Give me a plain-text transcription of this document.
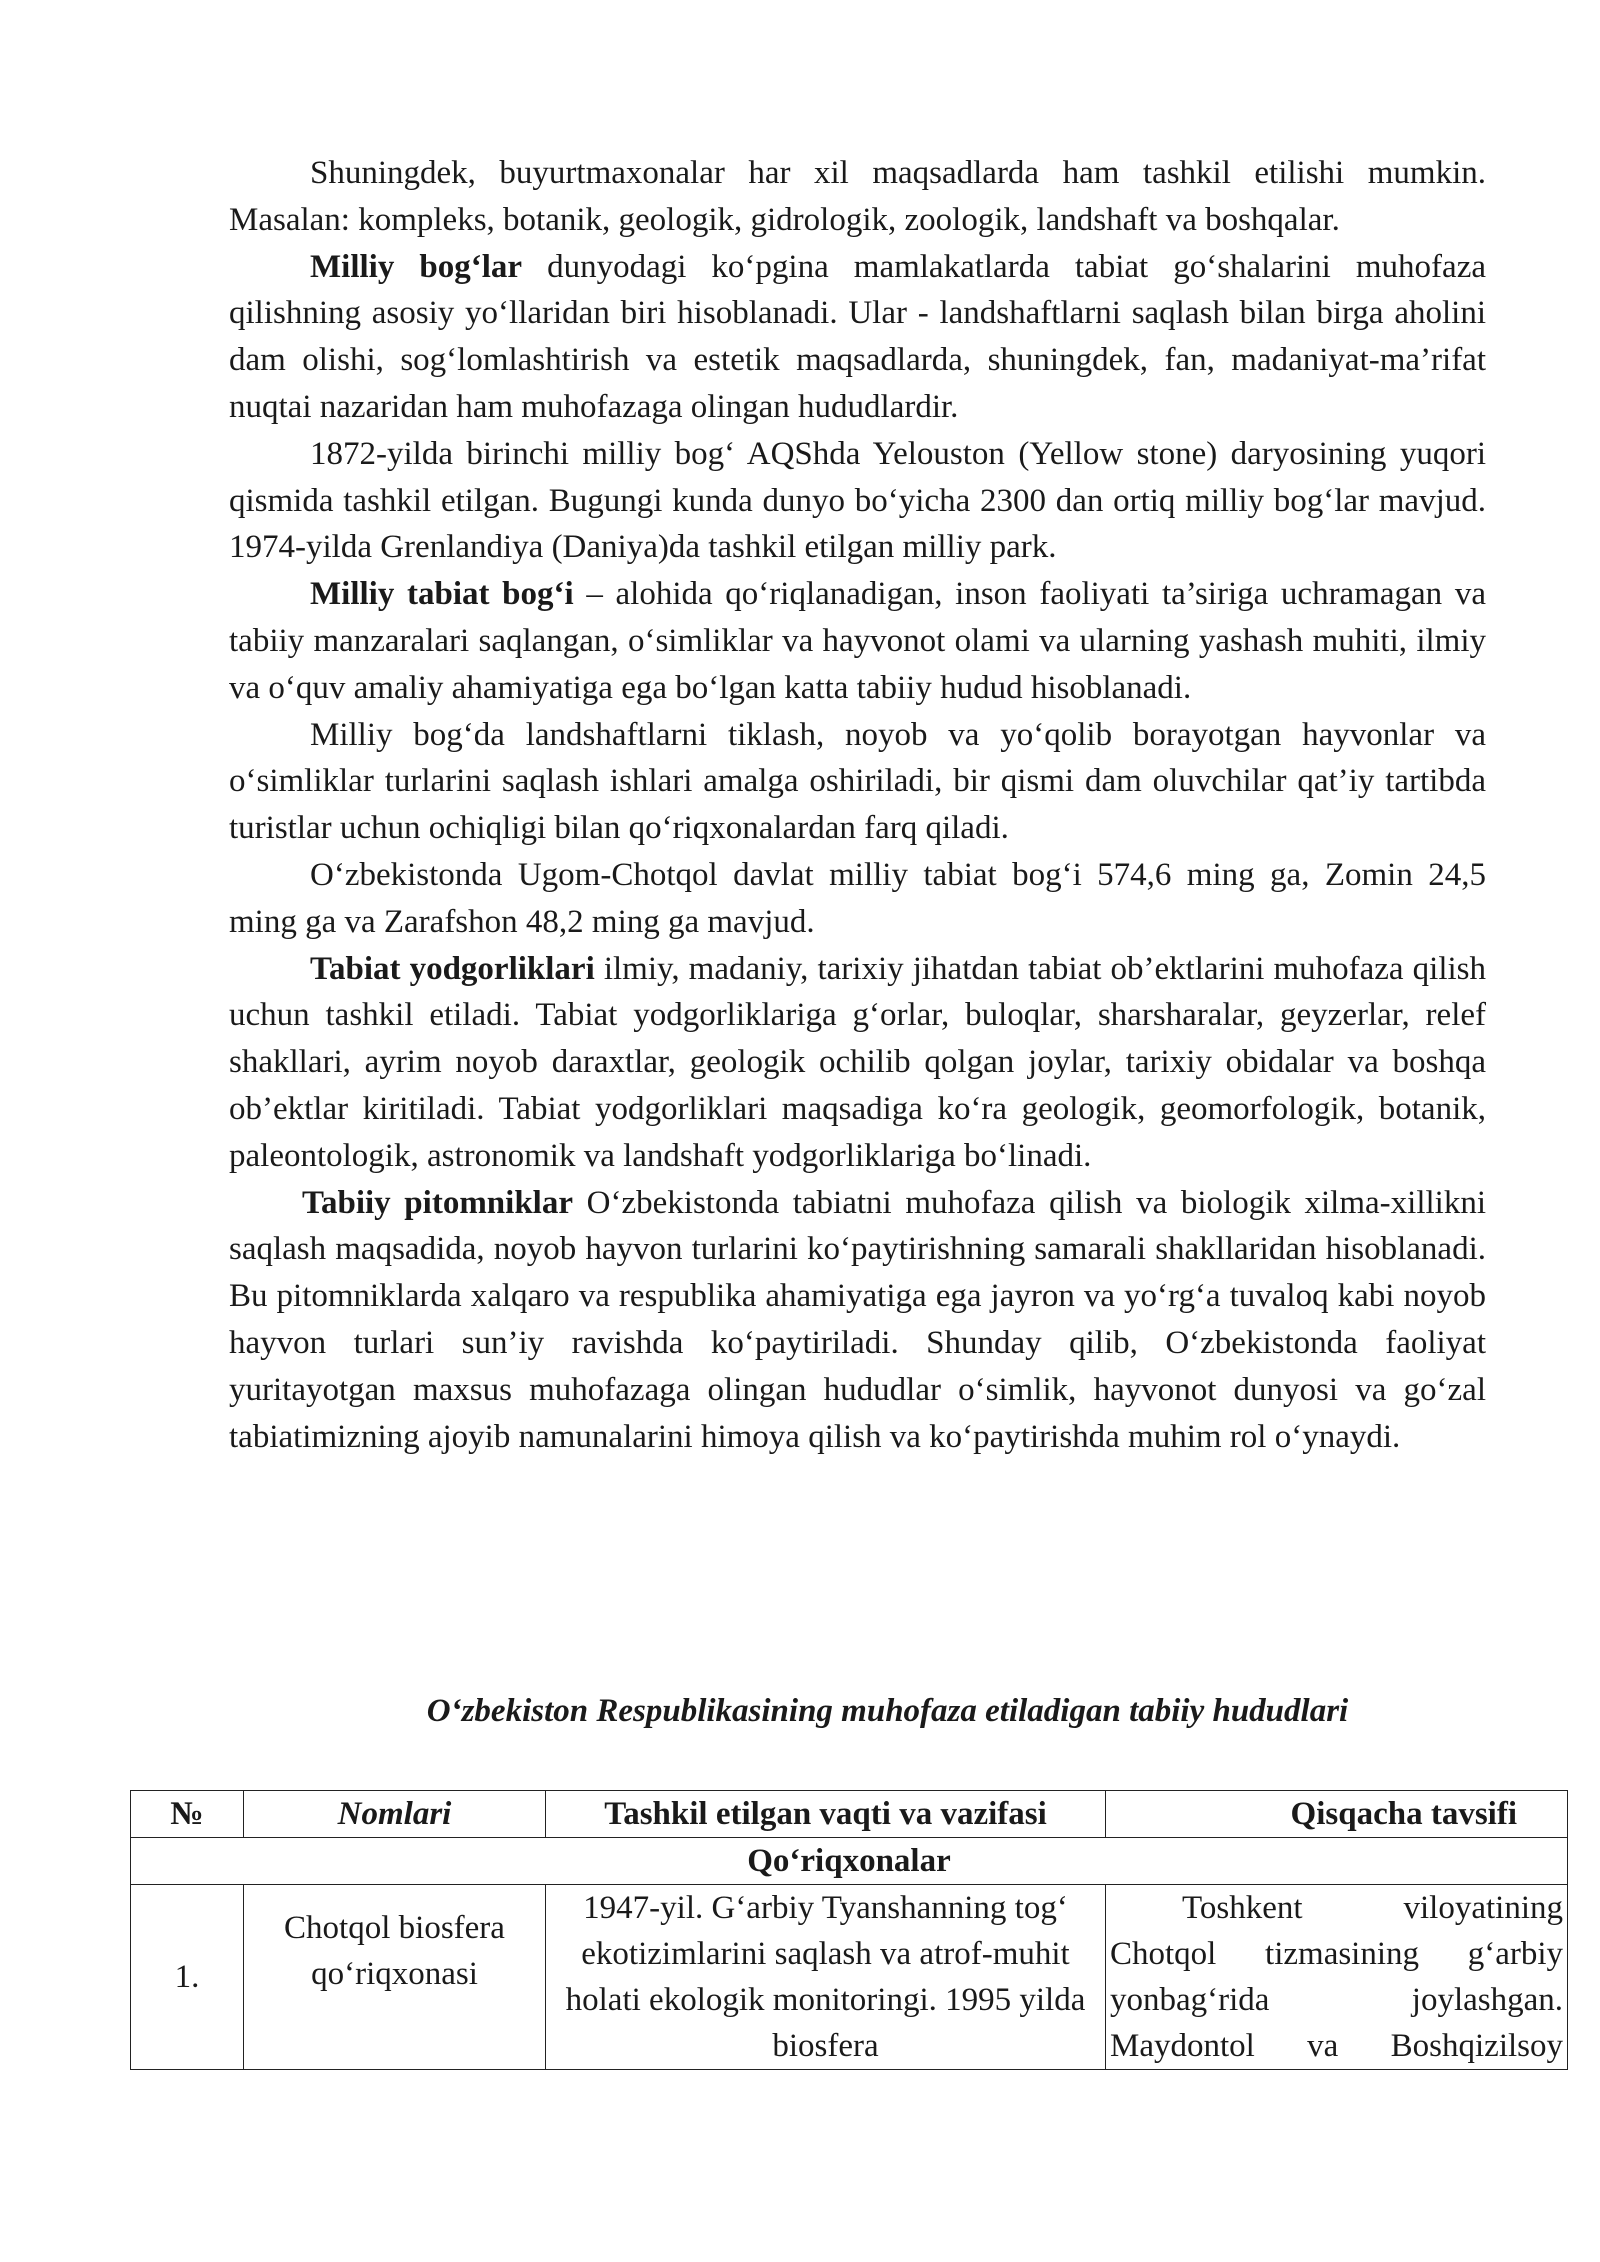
Shuningdek, buyurtmaxonalar har xil maqsadlarda ham tashkil etilishi mumkin. Masalan: kompleks, botanik, geologik, gidrologik, zoologik, landshaft va boshqalar.

Milliy bog‘lar dunyodagi ko‘pgina mamlakatlarda tabiat go‘shalarini muhofaza qilishning asosiy yo‘llaridan biri hisoblanadi. Ular - landshaftlarni saqlash bilan birga aholini dam olishi, sog‘lomlashtirish va estetik maqsadlarda, shuningdek, fan, madaniyat-ma’rifat nuqtai nazaridan ham muhofazaga olingan hududlardir.

1872-yilda birinchi milliy bog‘ AQShda Yelouston (Yellow stone) daryosining yuqori qismida tashkil etilgan. Bugungi kunda dunyo bo‘yicha 2300 dan ortiq milliy bog‘lar mavjud. 1974-yilda Grenlandiya (Daniya)da tashkil etilgan milliy park.

Milliy tabiat bog‘i – alohida qo‘riqlanadigan, inson faoliyati ta’siriga uchramagan va tabiiy manzaralari saqlangan, o‘simliklar va hayvonot olami va ularning yashash muhiti, ilmiy va o‘quv amaliy ahamiyatiga ega bo‘lgan katta tabiiy hudud hisoblanadi.

Milliy bog‘da landshaftlarni tiklash, noyob va yo‘qolib borayotgan hayvonlar va o‘simliklar turlarini saqlash ishlari amalga oshiriladi, bir qismi dam oluvchilar qat’iy tartibda turistlar uchun ochiqligi bilan qo‘riqxonalardan farq qiladi.

O‘zbekistonda Ugom-Chotqol davlat milliy tabiat bog‘i 574,6 ming ga, Zomin 24,5 ming ga va Zarafshon 48,2 ming ga mavjud.

Tabiat yodgorliklari ilmiy, madaniy, tarixiy jihatdan tabiat ob’ektlarini muhofaza qilish uchun tashkil etiladi. Tabiat yodgorliklariga g‘orlar, buloqlar, sharsharalar, geyzerlar, relef shakllari, ayrim noyob daraxtlar, geologik ochilib qolgan joylar, tarixiy obidalar va boshqa ob’ektlar kiritiladi. Tabiat yodgorliklari maqsadiga ko‘ra geologik, geomorfologik, botanik, paleontologik, astronomik va landshaft yodgorliklariga bo‘linadi.

Tabiiy pitomniklar O‘zbekistonda tabiatni muhofaza qilish va biologik xilma-xillikni saqlash maqsadida, noyob hayvon turlarini ko‘paytirishning samarali shakllaridan hisoblanadi. Bu pitomniklarda xalqaro va respublika ahamiyatiga ega jayron va yo‘rg‘a tuvaloq kabi noyob hayvon turlari sun’iy ravishda ko‘paytiriladi. Shunday qilib, O‘zbekistonda faoliyat yuritayotgan maxsus muhofazaga olingan hududlar o‘simlik, hayvonot dunyosi va go‘zal tabiatimizning ajoyib namunalarini himoya qilish va ko‘paytirishda muhim rol o‘ynaydi.

O‘zbekiston Respublikasining muhofaza etiladigan tabiiy hududlari
№	Nomlari	Tashkil etilgan vaqti va vazifasi	Qisqacha tavsifi
Qo‘riqxonalar			
1.	Chotqol biosfera qo‘riqxonasi	1947-yil. G‘arbiy Tyanshanning tog‘ ekotizimlarini saqlash va atrof-muhit holati ekologik monitoringi. 1995 yilda biosfera	Toshkent viloyatining Chotqol tizmasining g‘arbiy yonbag‘rida joylashgan. Maydontol va Boshqizilsoy
